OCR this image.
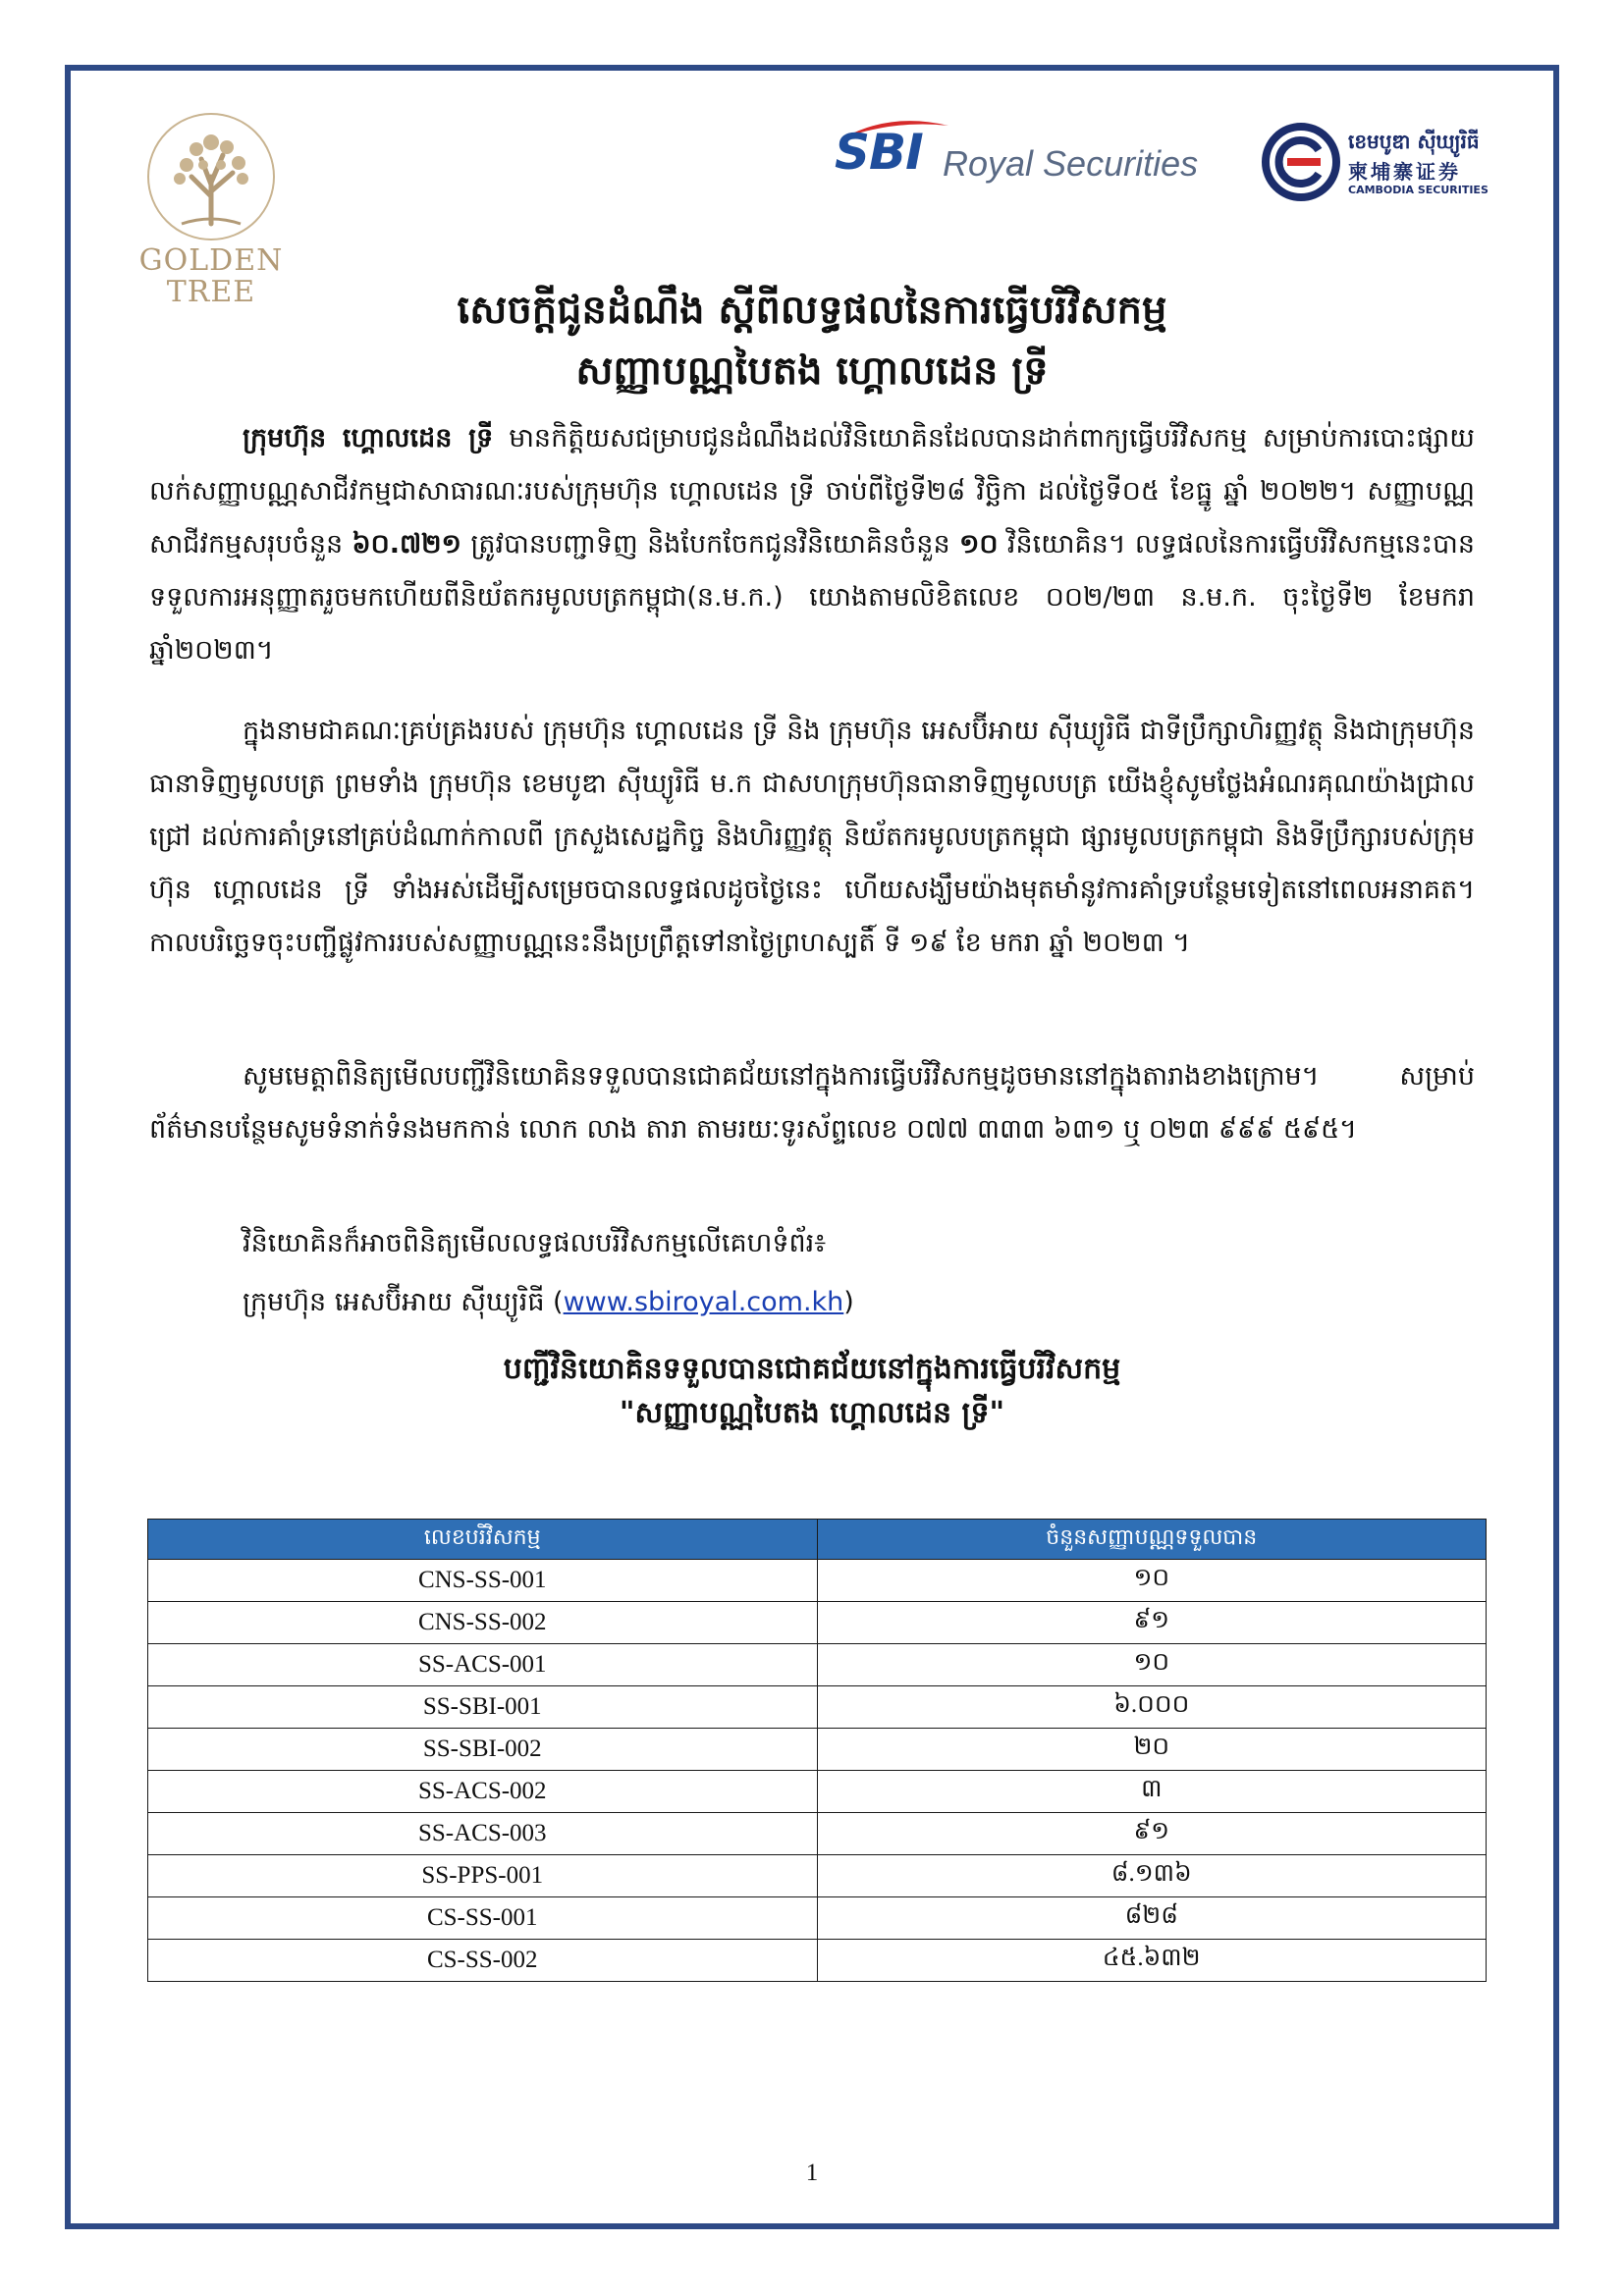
GOLDEN
TREE
SBI Royal Securities
ខេមបូឌា ស៊ីឃ្យូរិធី
柬埔寨证券
CAMBODIA SECURITIES
សេចក្ដីជូនដំណឹង ស្តីពីលទ្ធផលនៃការធ្វើបរិវិសកម្ម
សញ្ញាបណ្ណបៃតង ហ្គោលដេន ទ្រី
ក្រុមហ៊ុន ហ្គោលដេន ទ្រី មានកិត្តិយសជម្រាបជូនដំណឹងដល់វិនិយោគិនដែលបានដាក់ពាក្យធ្វើបរិវិសកម្ម សម្រាប់ការបោះផ្សាយលក់សញ្ញាបណ្ណសាជីវកម្មជាសាធារណៈរបស់ក្រុមហ៊ុន ហ្គោលដេន ទ្រី ចាប់ពីថ្ងៃទី២៨ វិច្ឆិកា ដល់ថ្ងៃទី០៥ ខែធ្នូ ឆ្នាំ ២០២២។ សញ្ញាបណ្ណសាជីវកម្មសរុបចំនួន ៦០.៧២១ ត្រូវបានបញ្ជាទិញ និងបែកចែកជូនវិនិយោគិនចំនួន ១០ វិនិយោគិន។ លទ្ធផលនៃការធ្វើបរិវិសកម្មនេះបានទទួលការអនុញ្ញាតរួចមកហើយពីនិយ័តករមូលបត្រកម្ពុជា(ន.ម.ក.) យោងតាមលិខិតលេខ ០០២/២៣ ន.ម.ក. ចុះថ្ងៃទី២ ខែមករា ឆ្នាំ២០២៣។
ក្នុងនាមជាគណៈគ្រប់គ្រងរបស់ ក្រុមហ៊ុន ហ្គោលដេន ទ្រី និង ក្រុមហ៊ុន អេសប៊ីអាយ ស៊ីឃ្យូរិធី ជាទីប្រឹក្សាហិរញ្ញវត្ថុ និងជាក្រុមហ៊ុនធានាទិញមូលបត្រ ព្រមទាំង ក្រុមហ៊ុន ខេមបូឌា ស៊ីឃ្យូរិធី ម.ក ជាសហក្រុមហ៊ុនធានាទិញមូលបត្រ យើងខ្ញុំសូមថ្លែងអំណរគុណយ៉ាងជ្រាលជ្រៅ ដល់ការគាំទ្រនៅគ្រប់ដំណាក់កាលពី ក្រសួងសេដ្ឋកិច្ច និងហិរញ្ញវត្ថុ និយ័តករមូលបត្រកម្ពុជា ផ្សារមូលបត្រកម្ពុជា និងទីប្រឹក្សារបស់ក្រុមហ៊ុន ហ្គោលដេន ទ្រី ទាំងអស់ដើម្បីសម្រេចបានលទ្ធផលដូចថ្ងៃនេះ ហើយសង្ឃឹមយ៉ាងមុតមាំនូវការគាំទ្របន្ថែមទៀតនៅពេលអនាគត។ កាលបរិច្ឆេទចុះបញ្ជីផ្លូវការរបស់សញ្ញាបណ្ណនេះនឹងប្រព្រឹត្តទៅនាថ្ងៃព្រហស្បតិ៍ ទី ១៩ ខែ មករា ឆ្នាំ ២០២៣ ។
សូមមេត្តាពិនិត្យមើលបញ្ជីវិនិយោគិនទទួលបានជោគជ័យនៅក្នុងការធ្វើបរិវិសកម្មដូចមាននៅក្នុងតារាងខាងក្រោម។ សម្រាប់ព័ត៌មានបន្ថែមសូមទំនាក់ទំនងមកកាន់ លោក លាង តារា តាមរយៈទូរស័ព្ទលេខ ០៧៧ ៣៣៣ ៦៣១ ឬ ០២៣ ៩៩៩ ៥៩៥។
វិនិយោគិនក៏អាចពិនិត្យមើលលទ្ធផលបរិវិសកម្មលើគេហទំព័រ៖
ក្រុមហ៊ុន អេសប៊ីអាយ ស៊ីឃ្យូរិធី (www.sbiroyal.com.kh)
បញ្ជីវិនិយោគិនទទួលបានជោគជ័យនៅក្នុងការធ្វើបរិវិសកម្ម
"សញ្ញាបណ្ណបៃតង ហ្គោលដេន ទ្រី"
លេខបរិវិសកម្ម	ចំនួនសញ្ញាបណ្ណទទួលបាន
CNS-SS-001	១០
CNS-SS-002	៩១
SS-ACS-001	១០
SS-SBI-001	៦.០០០
SS-SBI-002	២០
SS-ACS-002	៣
SS-ACS-003	៩១
SS-PPS-001	៨.១៣៦
CS-SS-001	៨២៨
CS-SS-002	៤៥.៦៣២
1
